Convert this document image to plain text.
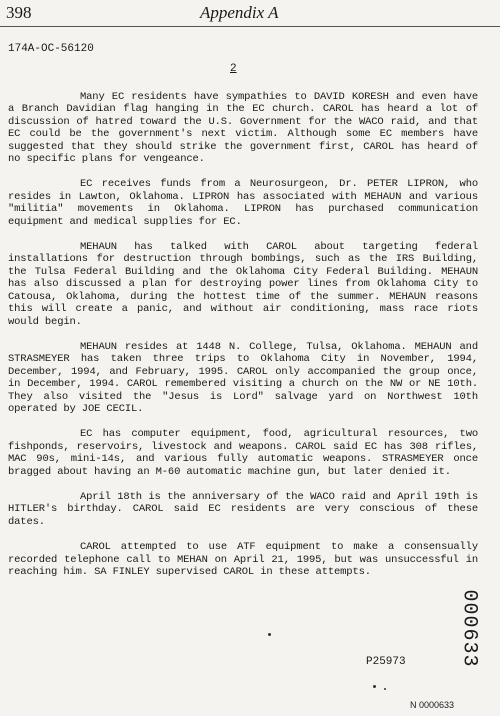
398	Appendix A
174A-OC-56120
2

Many EC residents have sympathies to DAVID KORESH and even have a Branch Davidian flag hanging in the EC church. CAROL has heard a lot of discussion of hatred toward the U.S. Government for the WACO raid, and that EC could be the government's next victim. Although some EC members have suggested that they should strike the government first, CAROL has heard of no specific plans for vengeance.

EC receives funds from a Neurosurgeon, Dr. PETER LIPRON, who resides in Lawton, Oklahoma. LIPRON has associated with MEHAUN and various "militia" movements in Oklahoma. LIPRON has purchased communication equipment and medical supplies for EC.

MEHAUN has talked with CAROL about targeting federal installations for destruction through bombings, such as the IRS Building, the Tulsa Federal Building and the Oklahoma City Federal Building. MEHAUN has also discussed a plan for destroying power lines from Oklahoma City to Catousa, Oklahoma, during the hottest time of the summer. MEHAUN reasons this will create a panic, and without air conditioning, mass race riots would begin.

MEHAUN resides at 1448 N. College, Tulsa, Oklahoma. MEHAUN and STRASMEYER has taken three trips to Oklahoma City in November, 1994, December, 1994, and February, 1995. CAROL only accompanied the group once, in December, 1994. CAROL remembered visiting a church on the NW or NE 10th. They also visited the "Jesus is Lord" salvage yard on Northwest 10th operated by JOE CECIL.

EC has computer equipment, food, agricultural resources, two fishponds, reservoirs, livestock and weapons. CAROL said EC has 308 rifles, MAC 90s, mini-14s, and various fully automatic weapons. STRASMEYER once bragged about having an M-60 automatic machine gun, but later denied it.

April 18th is the anniversary of the WACO raid and April 19th is HITLER's birthday. CAROL said EC residents are very conscious of these dates.

CAROL attempted to use ATF equipment to make a consensually recorded telephone call to MEHAN on April 21, 1995, but was unsuccessful in reaching him. SA FINLEY supervised CAROL in these attempts.

P25973	000633
N 0000633
